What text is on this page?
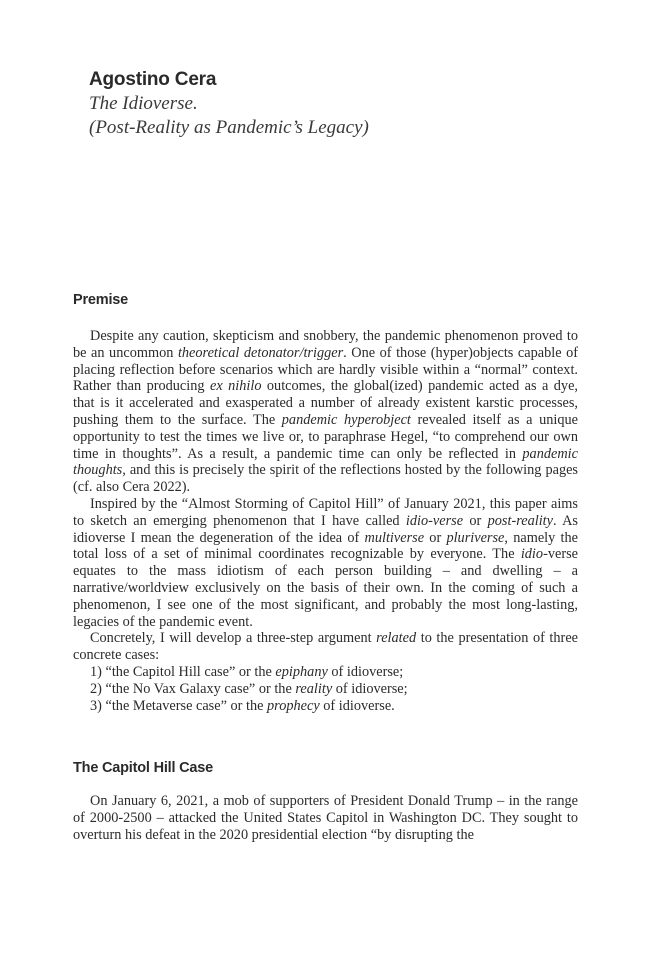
Agostino Cera
The Idioverse.
(Post-Reality as Pandemic’s Legacy)
Premise

Despite any caution, skepticism and snobbery, the pandemic phenomenon proved to be an uncommon theoretical detonator/trigger. One of those (hyper)objects capable of placing reflection before scenarios which are hardly visible within a “normal” context. Rather than producing ex nihilo outcomes, the global(ized) pandemic acted as a dye, that is it accelerated and exasperated a number of already existent karstic processes, pushing them to the surface. The pandemic hyperobject revealed itself as a unique opportunity to test the times we live or, to paraphrase Hegel, “to comprehend our own time in thoughts”. As a result, a pandemic time can only be reflected in pandemic thoughts, and this is precisely the spirit of the reflections hosted by the following pages (cf. also Cera 2022).

Inspired by the “Almost Storming of Capitol Hill” of January 2021, this paper aims to sketch an emerging phenomenon that I have called idio-verse or post-reality. As idioverse I mean the degeneration of the idea of multiverse or pluriverse, namely the total loss of a set of minimal coordinates recognizable by everyone. The idio-verse equates to the mass idiotism of each person building – and dwelling – a narrative/worldview exclusively on the basis of their own. In the coming of such a phenomenon, I see one of the most significant, and probably the most long-lasting, legacies of the pandemic event.

Concretely, I will develop a three-step argument related to the presentation of three concrete cases:

1) “the Capitol Hill case” or the epiphany of idioverse;
2) “the No Vax Galaxy case” or the reality of idioverse;
3) “the Metaverse case” or the prophecy of idioverse.
The Capitol Hill Case

On January 6, 2021, a mob of supporters of President Donald Trump – in the range of 2000-2500 – attacked the United States Capitol in Washington DC. They sought to overturn his defeat in the 2020 presidential election “by disrupting the
